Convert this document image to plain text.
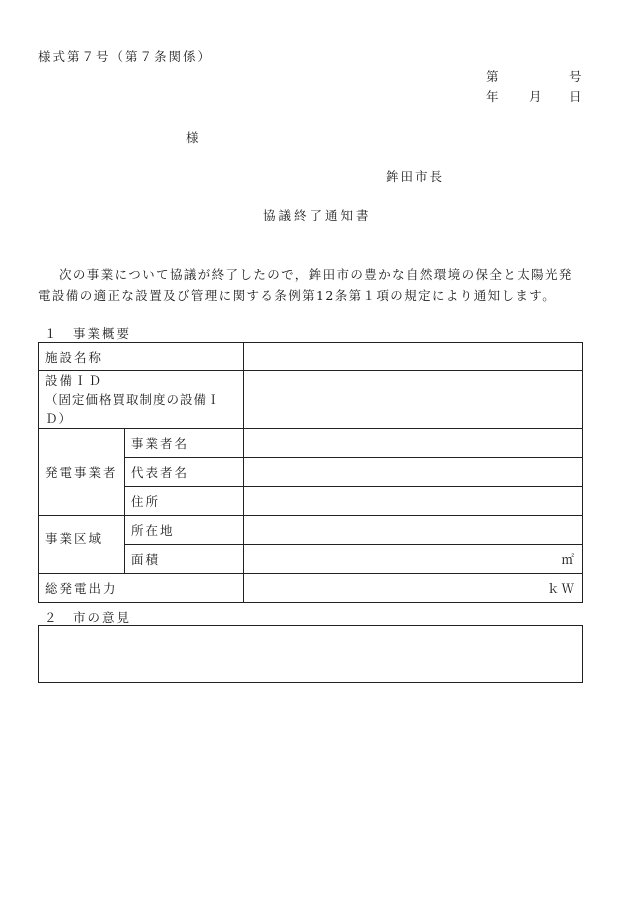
様式第７号（第７条関係）
第	号
年 月 日
様
鉾田市長
協議終了通知書
次の事業について協議が終了したので，鉾田市の豊かな自然環境の保全と太陽光発
電設備の適正な設置及び管理に関する条例第12条第１項の規定により通知します。
１ 事業概要
施設名称		

設備ＩＤ
（固定価格買取制度の設備ＩＤ）		

発電事業者	事業者名	
	代表者名	
	住所	
事業区域	所在地	
	面積	㎡
総発電出力		ｋＷ
２ 市の意見
